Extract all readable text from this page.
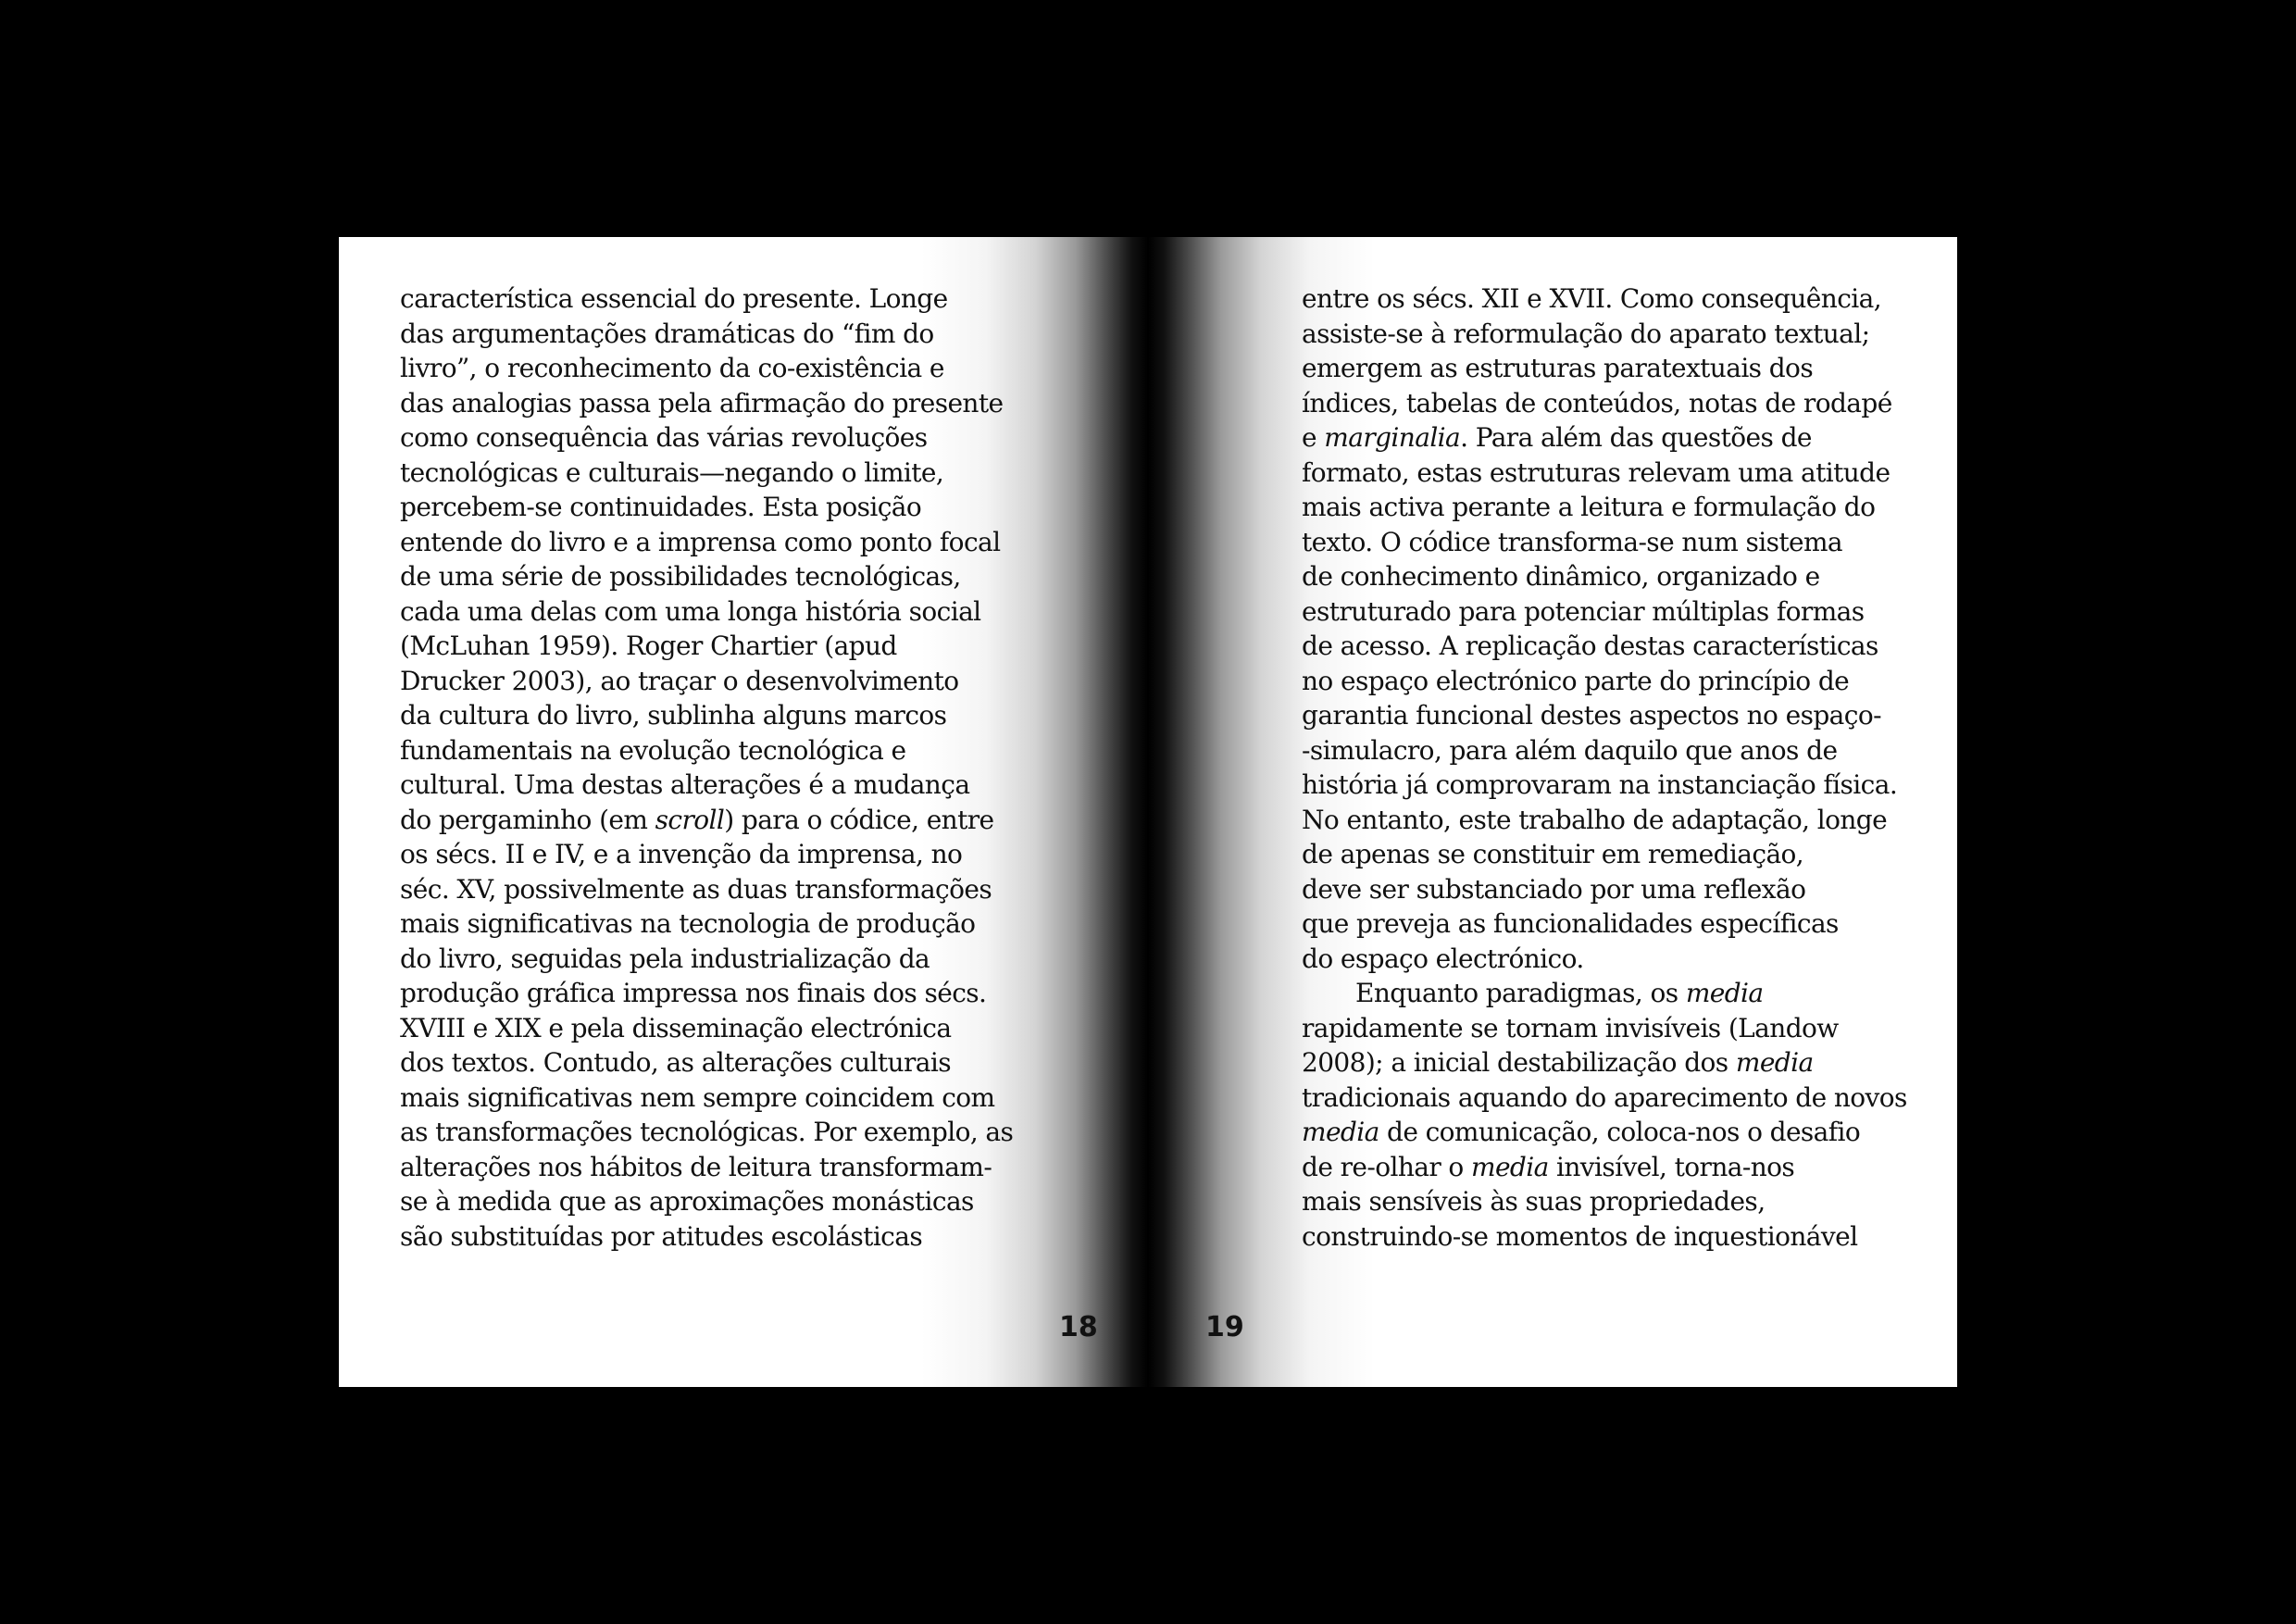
característica essencial do presente. Longe
das argumentações dramáticas do “fim do
livro”, o reconhecimento da co-existência e
das analogias passa pela afirmação do presente
como consequência das várias revoluções
tecnológicas e culturais—negando o limite,
percebem-se continuidades. Esta posição
entende do livro e a imprensa como ponto focal
de uma série de possibilidades tecnológicas,
cada uma delas com uma longa história social
(McLuhan 1959). Roger Chartier (apud
Drucker 2003), ao traçar o desenvolvimento
da cultura do livro, sublinha alguns marcos
fundamentais na evolução tecnológica e
cultural. Uma destas alterações é a mudança
do pergaminho (em scroll) para o códice, entre
os sécs. II e IV, e a invenção da imprensa, no
séc. XV, possivelmente as duas transformações
mais significativas na tecnologia de produção
do livro, seguidas pela industrialização da
produção gráfica impressa nos finais dos sécs.
XVIII e XIX e pela disseminação electrónica
dos textos. Contudo, as alterações culturais
mais significativas nem sempre coincidem com
as transformações tecnológicas. Por exemplo, as
alterações nos hábitos de leitura transformam-
se à medida que as aproximações monásticas
são substituídas por atitudes escolásticas
18
entre os sécs. XII e XVII. Como consequência,
assiste-se à reformulação do aparato textual;
emergem as estruturas paratextuais dos
índices, tabelas de conteúdos, notas de rodapé
e marginalia. Para além das questões de
formato, estas estruturas relevam uma atitude
mais activa perante a leitura e formulação do
texto. O códice transforma-se num sistema
de conhecimento dinâmico, organizado e
estruturado para potenciar múltiplas formas
de acesso. A replicação destas características
no espaço electrónico parte do princípio de
garantia funcional destes aspectos no espaço-
-simulacro, para além daquilo que anos de
história já comprovaram na instanciação física.
No entanto, este trabalho de adaptação, longe
de apenas se constituir em remediação,
deve ser substanciado por uma reflexão
que preveja as funcionalidades específicas
do espaço electrónico.
Enquanto paradigmas, os media
rapidamente se tornam invisíveis (Landow
2008); a inicial destabilização dos media
tradicionais aquando do aparecimento de novos
media de comunicação, coloca-nos o desafio
de re-olhar o media invisível, torna-nos
mais sensíveis às suas propriedades,
construindo-se momentos de inquestionável
19
